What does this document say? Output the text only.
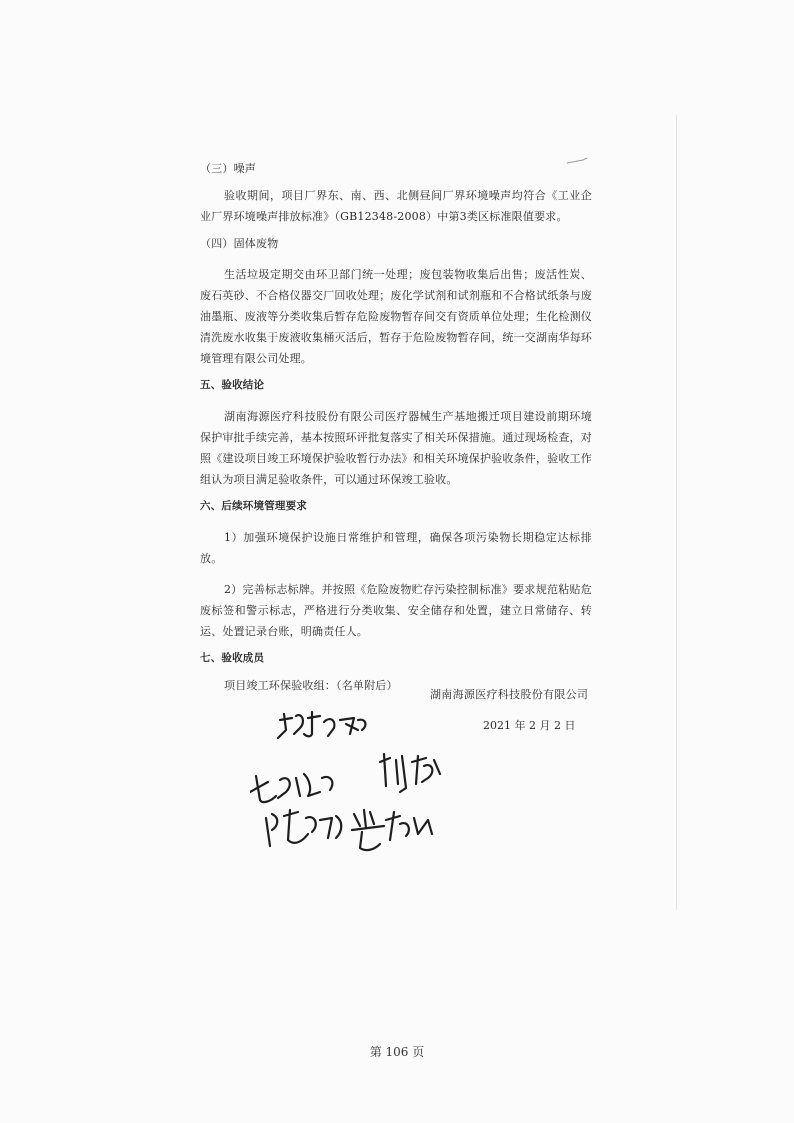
（三）噪声

验收期间，项目厂界东、南、西、北侧昼间厂界环境噪声均符合《工业企业厂界环境噪声排放标准》（GB12348-2008）中第3类区标准限值要求。

（四）固体废物

生活垃圾定期交由环卫部门统一处理；废包装物收集后出售；废活性炭、废石英砂、不合格仪器交厂回收处理；废化学试剂和试剂瓶和不合格试纸条与废油墨瓶、废液等分类收集后暂存危险废物暂存间交有资质单位处理；生化检测仪清洗废水收集于废液收集桶灭活后，暂存于危险废物暂存间，统一交湖南华每环境管理有限公司处理。

五、验收结论

湖南海源医疗科技股份有限公司医疗器械生产基地搬迁项目建设前期环境保护审批手续完善，基本按照环评批复落实了相关环保措施。通过现场检查，对照《建设项目竣工环境保护验收暂行办法》和相关环境保护验收条件，验收工作组认为项目满足验收条件，可以通过环保竣工验收。

六、后续环境管理要求

1）加强环境保护设施日常维护和管理，确保各项污染物长期稳定达标排放。

2）完善标志标牌。并按照《危险废物贮存污染控制标准》要求规范粘贴危废标签和警示标志，严格进行分类收集、安全储存和处置，建立日常储存、转运、处置记录台账，明确责任人。

七、验收成员

项目竣工环保验收组：（名单附后）

湖南海源医疗科技股份有限公司
2021 年 2 月 2 日
第 106 页
